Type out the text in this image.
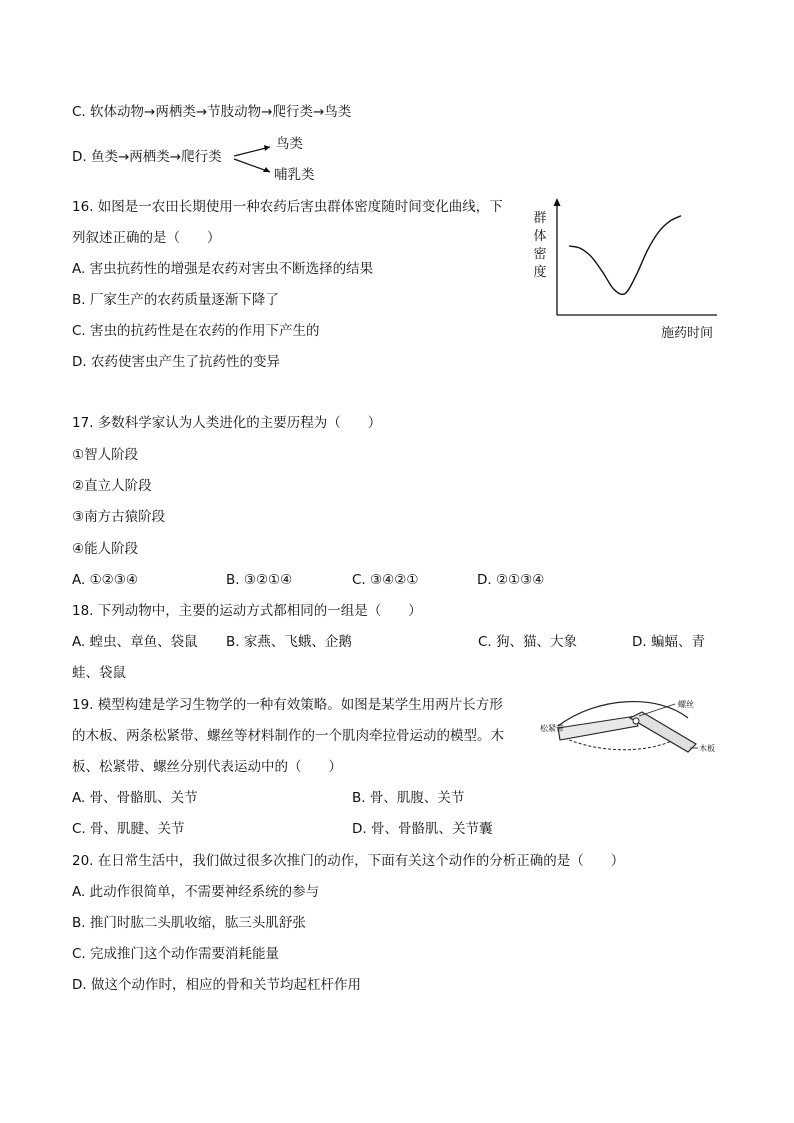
C. 软体动物→两栖类→节肢动物→爬行类→鸟类
D. 鱼类→两栖类→爬行类
鸟类
哺乳类
16. 如图是一农田长期使用一种农药后害虫群体密度随时间变化曲线，下
列叙述正确的是（　　）
A. 害虫抗药性的增强是农药对害虫不断选择的结果
B. 厂家生产的农药质量逐渐下降了
C. 害虫的抗药性是在农药的作用下产生的
D. 农药使害虫产生了抗药性的变异
群
体
密
度
施药时间
17. 多数科学家认为人类进化的主要历程为（　　）
①智人阶段
②直立人阶段
③南方古猿阶段
④能人阶段
A. ①②③④	B. ③②①④	C. ③④②①	D. ②①③④
18. 下列动物中，主要的运动方式都相同的一组是（　　）
A. 蝗虫、章鱼、袋鼠 B. 家燕、飞蛾、企鹅	C. 狗、猫、大象	D. 蝙蝠、青
蛙、袋鼠
19. 模型构建是学习生物学的一种有效策略。如图是某学生用两片长方形
的木板、两条松紧带、螺丝等材料制作的一个肌肉牵拉骨运动的模型。木
板、松紧带、螺丝分别代表运动中的（　　）
螺丝
松紧带
木板
A. 骨、骨骼肌、关节	B. 骨、肌腹、关节
C. 骨、肌腱、关节	D. 骨、骨骼肌、关节囊
20. 在日常生活中，我们做过很多次推门的动作，下面有关这个动作的分析正确的是（　　）
A. 此动作很简单，不需要神经系统的参与
B. 推门时肱二头肌收缩，肱三头肌舒张
C. 完成推门这个动作需要消耗能量
D. 做这个动作时，相应的骨和关节均起杠杆作用
